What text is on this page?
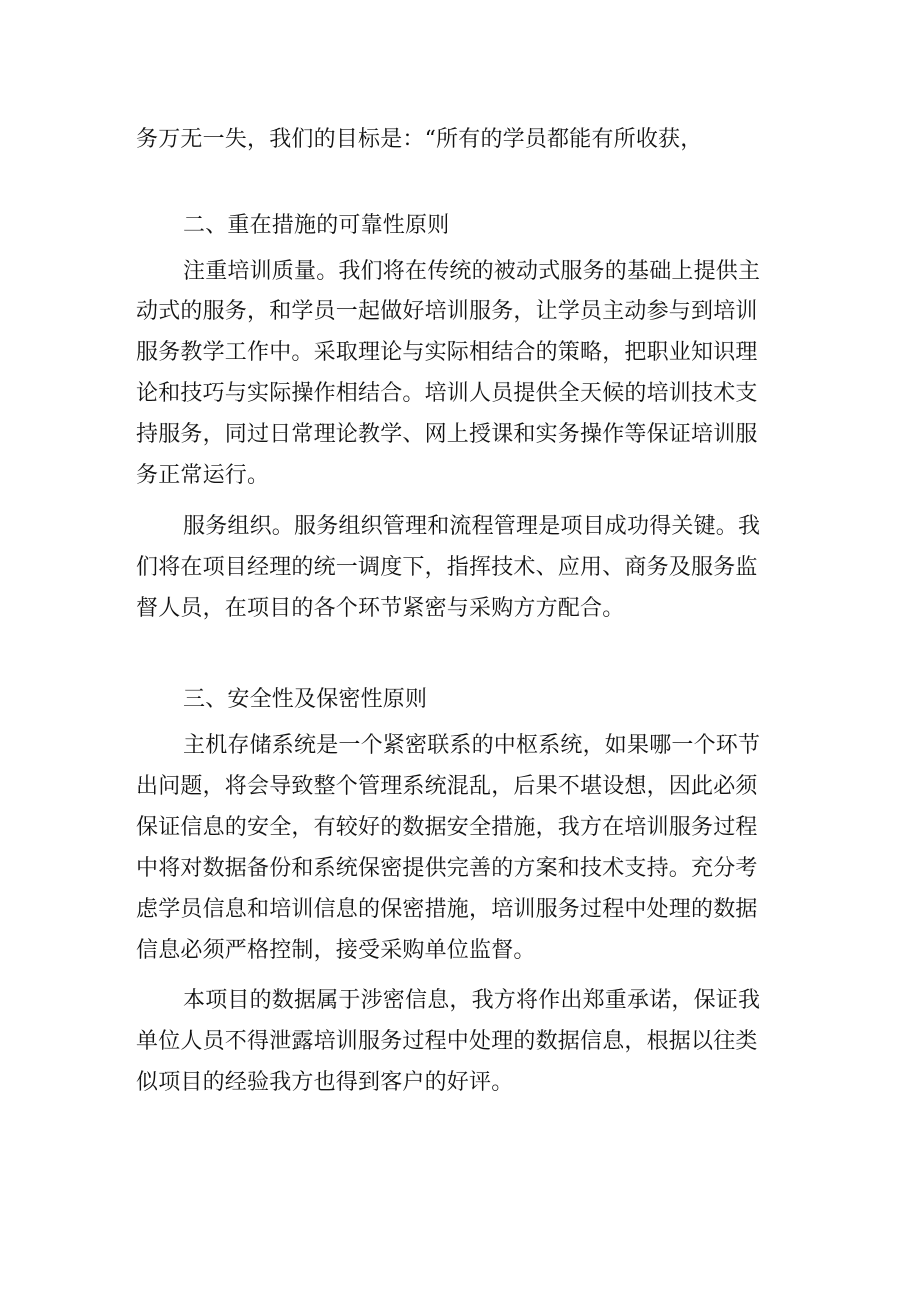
务万无一失，我们的目标是：“所有的学员都能有所收获，
二、重在措施的可靠性原则
注重培训质量。我们将在传统的被动式服务的基础上提供主
动式的服务，和学员一起做好培训服务，让学员主动参与到培训
服务教学工作中。采取理论与实际相结合的策略，把职业知识理
论和技巧与实际操作相结合。培训人员提供全天候的培训技术支
持服务，同过日常理论教学、网上授课和实务操作等保证培训服
务正常运行。
服务组织。服务组织管理和流程管理是项目成功得关键。我
们将在项目经理的统一调度下，指挥技术、应用、商务及服务监
督人员，在项目的各个环节紧密与采购方方配合。
三、安全性及保密性原则
主机存储系统是一个紧密联系的中枢系统，如果哪一个环节
出问题，将会导致整个管理系统混乱，后果不堪设想，因此必须
保证信息的安全，有较好的数据安全措施，我方在培训服务过程
中将对数据备份和系统保密提供完善的方案和技术支持。充分考
虑学员信息和培训信息的保密措施，培训服务过程中处理的数据
信息必须严格控制，接受采购单位监督。
本项目的数据属于涉密信息，我方将作出郑重承诺，保证我
单位人员不得泄露培训服务过程中处理的数据信息，根据以往类
似项目的经验我方也得到客户的好评。
